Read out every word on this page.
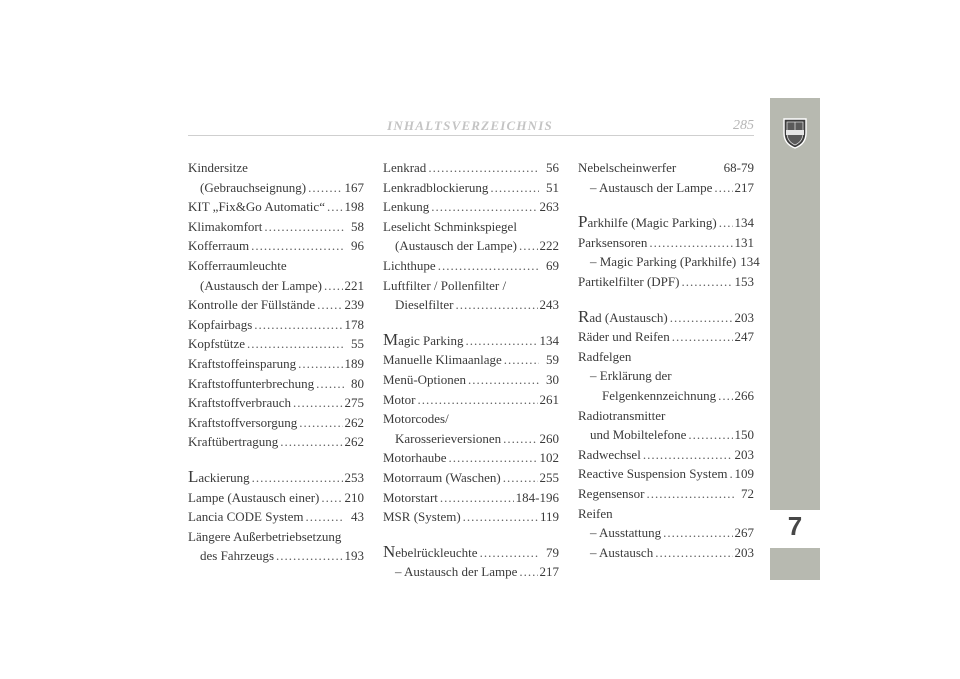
INHALTSVERZEICHNIS	285
7
Kindersitze
(Gebrauchseignung) .....	167
KIT „Fix&Go Automatic“ ..... 198
Klimakomfort .....	58
Kofferraum .....	96
Kofferraumleuchte
(Austausch der Lampe) ..... 221
Kontrolle der Füllstände ..... 239
Kopfairbags .....	178
Kopfstütze .....	55
Kraftstoffeinsparung .....	189
Kraftstoffunterbrechung .....	80
Kraftstoffverbrauch .....	275
Kraftstoffversorgung .....	262
Kraftübertragung .....	262
Lackierung .....	253
Lampe (Austausch einer) ..... 210
Lancia CODE System .....	43
Längere Außerbetriebsetzung
des Fahrzeugs .....	193
Lenkrad .....	56
Lenkradblockierung .....	51
Lenkung .....	263
Leselicht Schminkspiegel
(Austausch der Lampe) ..... 222
Lichthupe .....	69
Luftfilter / Pollenfilter /
Dieselfilter .....	243
Magic Parking .....	134
Manuelle Klimaanlage .....	59
Menü-Optionen .....	30
Motor .....	261
Motorcodes/
Karosserieversionen .....	260
Motorhaube .....	102
Motorraum (Waschen) .....	255
Motorstart .....	184-196
MSR (System) .....	119
Nebelrückleuchte .....	79
– Austausch der Lampe ..... 217
Nebelscheinwerfer	68-79
– Austausch der Lampe ..... 217
Parkhilfe (Magic Parking) ..... 134
Parksensoren .....	131
– Magic Parking (Parkhilfe) 134
Partikelfilter (DPF) .....	153
Rad (Austausch) .....	203
Räder und Reifen .....	247
Radfelgen
– Erklärung der
Felgenkennzeichnung ..... 266
Radiotransmitter
und Mobiltelefone .....	150
Radwechsel .....	203
Reactive Suspension System ..... 109
Regensensor .....	72
Reifen
– Ausstattung .....	267
– Austausch .....	203
